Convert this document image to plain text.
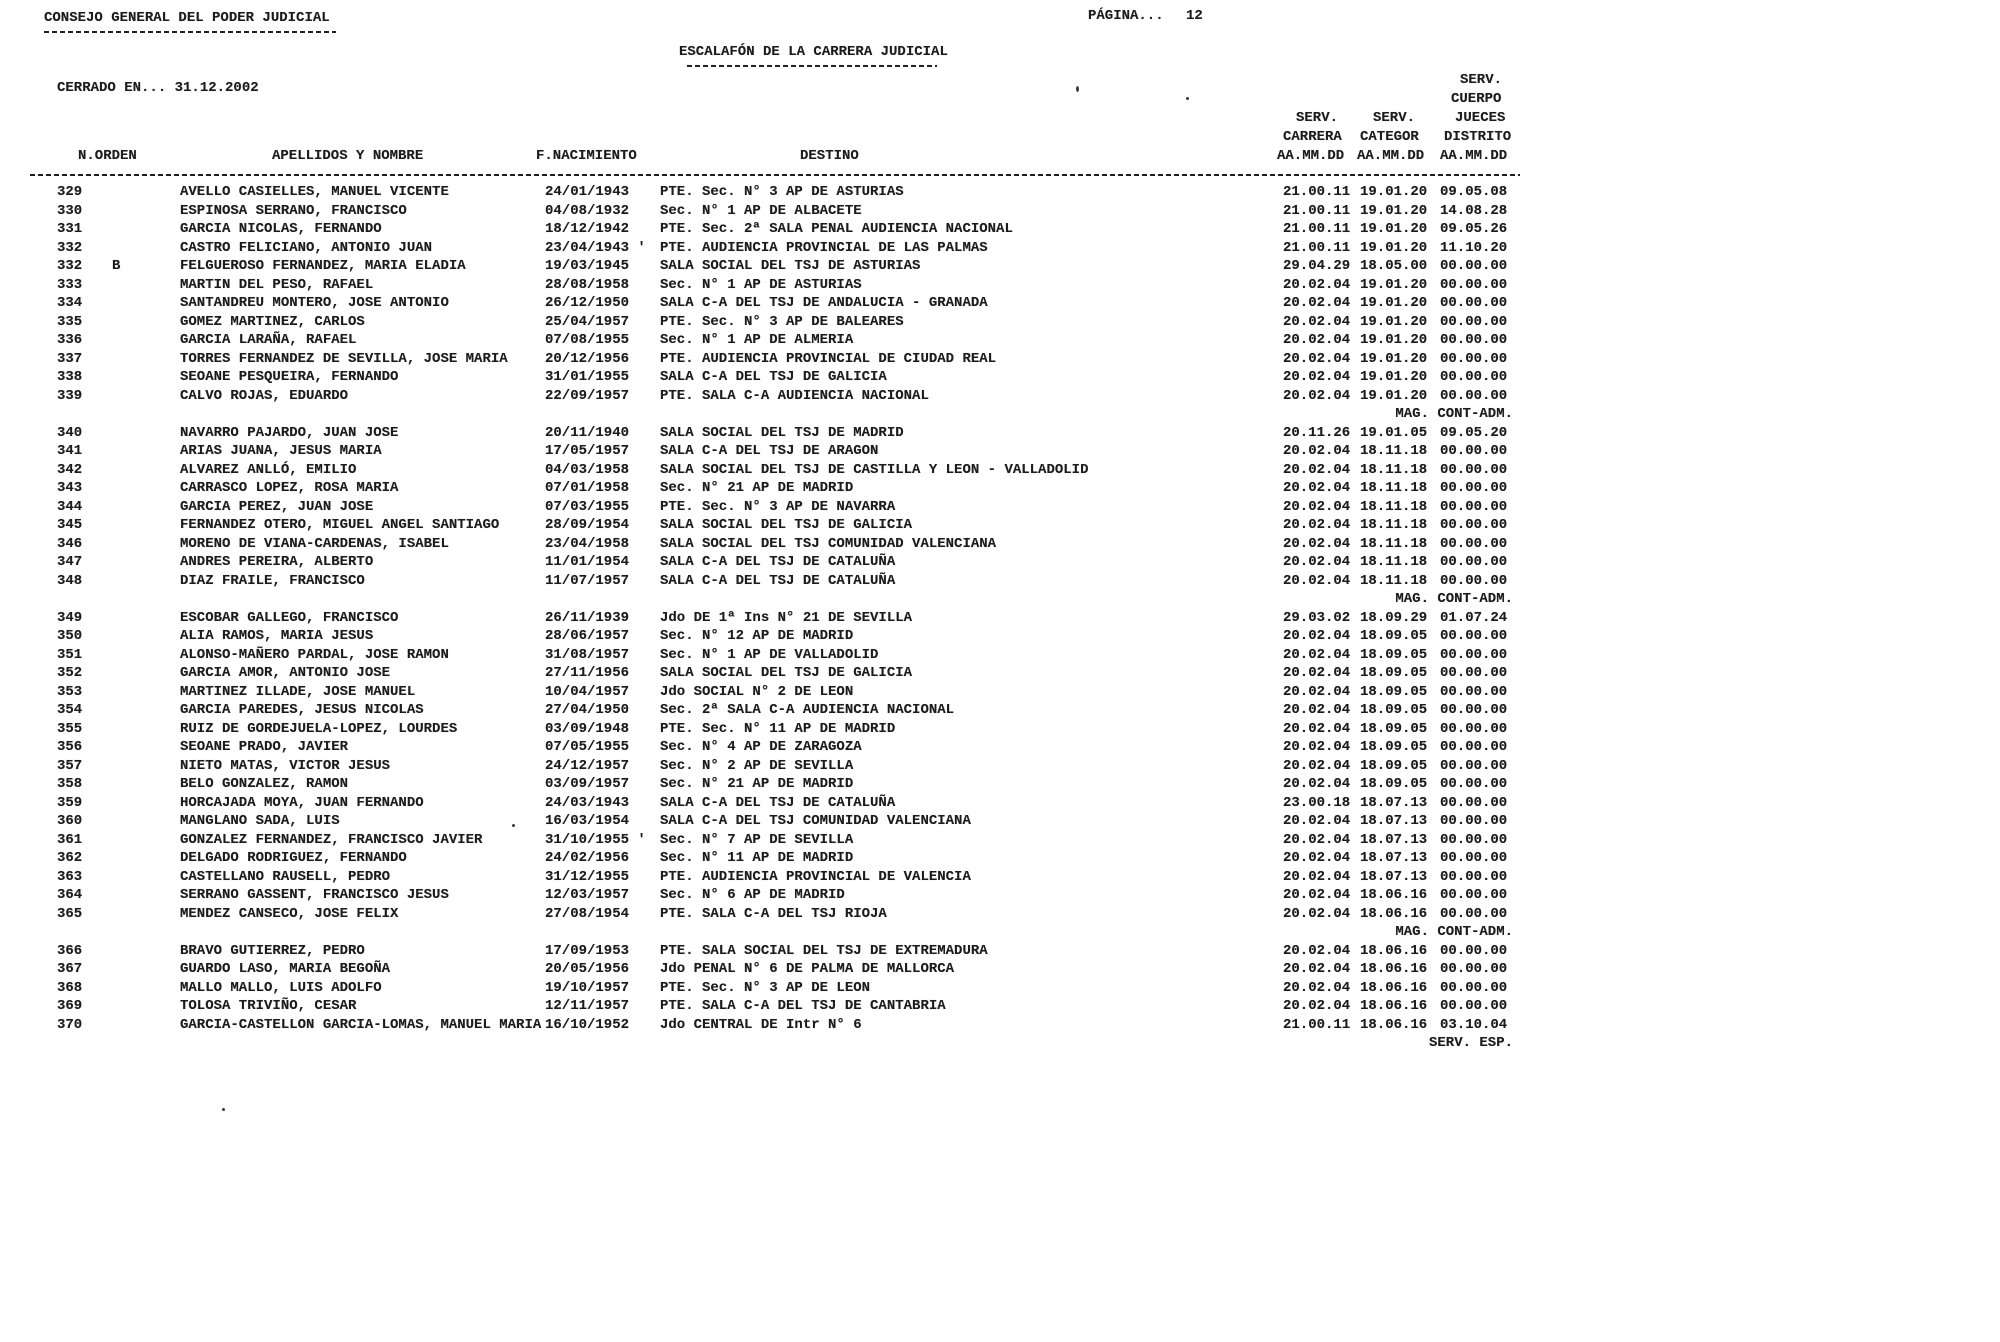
CONSEJO GENERAL DEL PODER JUDICIAL	PÁGINA... 12
ESCALAFÓN DE LA CARRERA JUDICIAL
CERRADO EN... 31.12.2002	SERV.
CUERPO
SERV. SERV.	JUECES
CARRERA CATEGOR DISTRITO
N.ORDEN	APELLIDOS Y NOMBRE	F.NACIMIENTO	DESTINO	AA.MM.DD AA.MM.DD AA.MM.DD
329	AVELLO CASIELLES, MANUEL VICENTE	24/01/1943 PTE. Sec. N° 3 AP DE ASTURIAS	21.00.11 19.01.20 09.05.08
330	ESPINOSA SERRANO, FRANCISCO	04/08/1932 Sec. N° 1 AP DE ALBACETE	21.00.11 19.01.20 14.08.28
331	GARCIA NICOLAS, FERNANDO	18/12/1942 PTE. Sec. 2ª SALA PENAL AUDIENCIA NACIONAL	21.00.11 19.01.20 09.05.26
332	CASTRO FELICIANO, ANTONIO JUAN	23/04/1943 ' PTE. AUDIENCIA PROVINCIAL DE LAS PALMAS	21.00.11 19.01.20 11.10.20
332 B	FELGUEROSO FERNANDEZ, MARIA ELADIA	19/03/1945 SALA SOCIAL DEL TSJ DE ASTURIAS	29.04.29 18.05.00 00.00.00
333	MARTIN DEL PESO, RAFAEL	28/08/1958 Sec. N° 1 AP DE ASTURIAS	20.02.04 19.01.20 00.00.00
334	SANTANDREU MONTERO, JOSE ANTONIO	26/12/1950 SALA C-A DEL TSJ DE ANDALUCIA - GRANADA	20.02.04 19.01.20 00.00.00
335	GOMEZ MARTINEZ, CARLOS	25/04/1957 PTE. Sec. N° 3 AP DE BALEARES	20.02.04 19.01.20 00.00.00
336	GARCIA LARAÑA, RAFAEL	07/08/1955 Sec. N° 1 AP DE ALMERIA	20.02.04 19.01.20 00.00.00
337	TORRES FERNANDEZ DE SEVILLA, JOSE MARIA	20/12/1956 PTE. AUDIENCIA PROVINCIAL DE CIUDAD REAL	20.02.04 19.01.20 00.00.00
338	SEOANE PESQUEIRA, FERNANDO	31/01/1955 SALA C-A DEL TSJ DE GALICIA	20.02.04 19.01.20 00.00.00
339	CALVO ROJAS, EDUARDO	22/09/1957 PTE. SALA C-A AUDIENCIA NACIONAL	20.02.04 19.01.20 00.00.00
MAG. CONT-ADM.
340	NAVARRO PAJARDO, JUAN JOSE	20/11/1940 SALA SOCIAL DEL TSJ DE MADRID	20.11.26 19.01.05 09.05.20
341	ARIAS JUANA, JESUS MARIA	17/05/1957 SALA C-A DEL TSJ DE ARAGON	20.02.04 18.11.18 00.00.00
342	ALVAREZ ANLLÓ, EMILIO	04/03/1958 SALA SOCIAL DEL TSJ DE CASTILLA Y LEON - VALLADOLID	20.02.04 18.11.18 00.00.00
343	CARRASCO LOPEZ, ROSA MARIA	07/01/1958 Sec. N° 21 AP DE MADRID	20.02.04 18.11.18 00.00.00
344	GARCIA PEREZ, JUAN JOSE	07/03/1955 PTE. Sec. N° 3 AP DE NAVARRA	20.02.04 18.11.18 00.00.00
345	FERNANDEZ OTERO, MIGUEL ANGEL SANTIAGO	28/09/1954 SALA SOCIAL DEL TSJ DE GALICIA	20.02.04 18.11.18 00.00.00
346	MORENO DE VIANA-CARDENAS, ISABEL	23/04/1958 SALA SOCIAL DEL TSJ COMUNIDAD VALENCIANA	20.02.04 18.11.18 00.00.00
347	ANDRES PEREIRA, ALBERTO	11/01/1954 SALA C-A DEL TSJ DE CATALUÑA	20.02.04 18.11.18 00.00.00
348	DIAZ FRAILE, FRANCISCO	11/07/1957 SALA C-A DEL TSJ DE CATALUÑA	20.02.04 18.11.18 00.00.00
MAG. CONT-ADM.
349	ESCOBAR GALLEGO, FRANCISCO	26/11/1939 Jdo DE 1ª Ins N° 21 DE SEVILLA	29.03.02 18.09.29 01.07.24
350	ALIA RAMOS, MARIA JESUS	28/06/1957 Sec. N° 12 AP DE MADRID	20.02.04 18.09.05 00.00.00
351	ALONSO-MAÑERO PARDAL, JOSE RAMON	31/08/1957 Sec. N° 1 AP DE VALLADOLID	20.02.04 18.09.05 00.00.00
352	GARCIA AMOR, ANTONIO JOSE	27/11/1956 SALA SOCIAL DEL TSJ DE GALICIA	20.02.04 18.09.05 00.00.00
353	MARTINEZ ILLADE, JOSE MANUEL	10/04/1957 Jdo SOCIAL N° 2 DE LEON	20.02.04 18.09.05 00.00.00
354	GARCIA PAREDES, JESUS NICOLAS	27/04/1950 Sec. 2ª SALA C-A AUDIENCIA NACIONAL	20.02.04 18.09.05 00.00.00
355	RUIZ DE GORDEJUELA-LOPEZ, LOURDES	03/09/1948 PTE. Sec. N° 11 AP DE MADRID	20.02.04 18.09.05 00.00.00
356	SEOANE PRADO, JAVIER	07/05/1955 Sec. N° 4 AP DE ZARAGOZA	20.02.04 18.09.05 00.00.00
357	NIETO MATAS, VICTOR JESUS	24/12/1957 Sec. N° 2 AP DE SEVILLA	20.02.04 18.09.05 00.00.00
358	BELO GONZALEZ, RAMON	03/09/1957 Sec. N° 21 AP DE MADRID	20.02.04 18.09.05 00.00.00
359	HORCAJADA MOYA, JUAN FERNANDO	24/03/1943 SALA C-A DEL TSJ DE CATALUÑA	23.00.18 18.07.13 00.00.00
360	MANGLANO SADA, LUIS	16/03/1954 SALA C-A DEL TSJ COMUNIDAD VALENCIANA	20.02.04 18.07.13 00.00.00
361	GONZALEZ FERNANDEZ, FRANCISCO JAVIER	31/10/1955 ' Sec. N° 7 AP DE SEVILLA	20.02.04 18.07.13 00.00.00
362	DELGADO RODRIGUEZ, FERNANDO	24/02/1956 Sec. N° 11 AP DE MADRID	20.02.04 18.07.13 00.00.00
363	CASTELLANO RAUSELL, PEDRO	31/12/1955 PTE. AUDIENCIA PROVINCIAL DE VALENCIA	20.02.04 18.07.13 00.00.00
364	SERRANO GASSENT, FRANCISCO JESUS	12/03/1957 Sec. N° 6 AP DE MADRID	20.02.04 18.06.16 00.00.00
365	MENDEZ CANSECO, JOSE FELIX	27/08/1954 PTE. SALA C-A DEL TSJ RIOJA	20.02.04 18.06.16 00.00.00
MAG. CONT-ADM.
366	BRAVO GUTIERREZ, PEDRO	17/09/1953 PTE. SALA SOCIAL DEL TSJ DE EXTREMADURA	20.02.04 18.06.16 00.00.00
367	GUARDO LASO, MARIA BEGOÑA	20/05/1956 Jdo PENAL N° 6 DE PALMA DE MALLORCA	20.02.04 18.06.16 00.00.00
368	MALLO MALLO, LUIS ADOLFO	19/10/1957 PTE. Sec. N° 3 AP DE LEON	20.02.04 18.06.16 00.00.00
369	TOLOSA TRIVIÑO, CESAR	12/11/1957 PTE. SALA C-A DEL TSJ DE CANTABRIA	20.02.04 18.06.16 00.00.00
370	GARCIA-CASTELLON GARCIA-LOMAS, MANUEL MARIA 16/10/1952 Jdo CENTRAL DE Intr N° 6	21.00.11 18.06.16 03.10.04
SERV. ESP.
